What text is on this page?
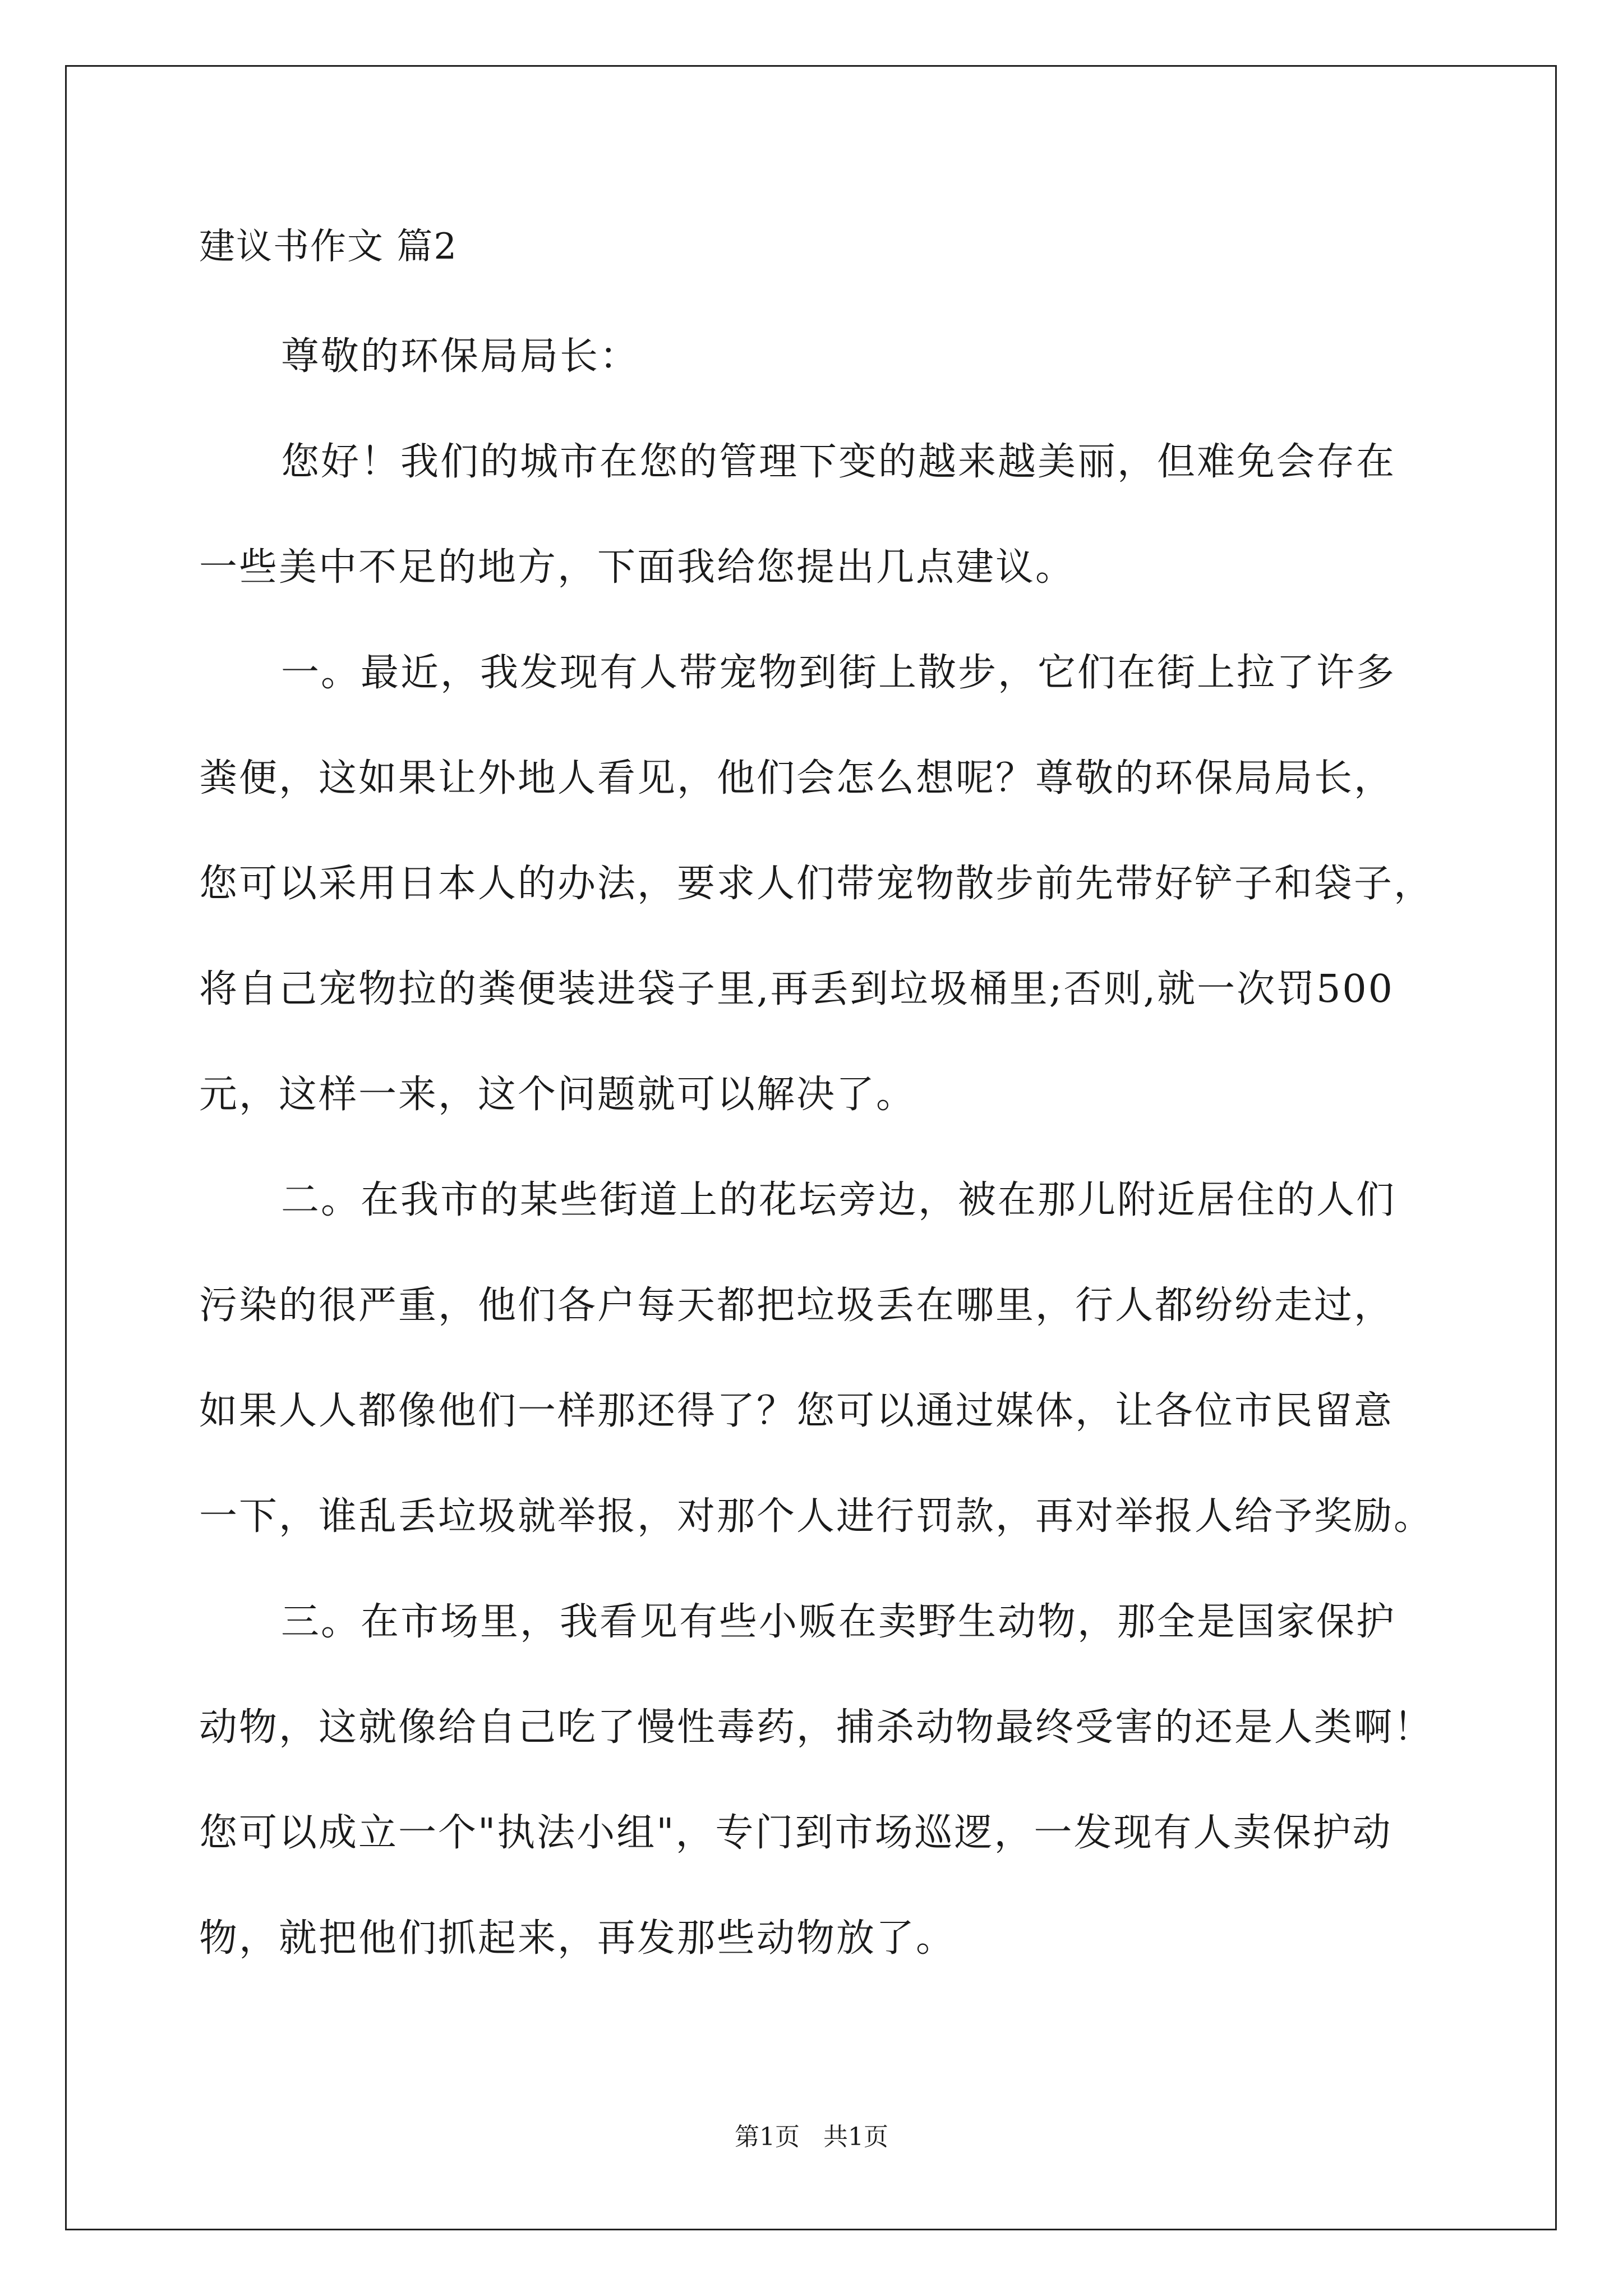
建议书作文 篇2
尊敬的环保局局长：
您好！我们的城市在您的管理下变的越来越美丽，但难免会存在
一些美中不足的地方，下面我给您提出几点建议。
一。最近，我发现有人带宠物到街上散步，它们在街上拉了许多
粪便，这如果让外地人看见，他们会怎么想呢？尊敬的环保局局长，
您可以采用日本人的办法，要求人们带宠物散步前先带好铲子和袋子，
将自己宠物拉的粪便装进袋子里,再丢到垃圾桶里;否则,就一次罚500
元，这样一来，这个问题就可以解决了。
二。在我市的某些街道上的花坛旁边，被在那儿附近居住的人们
污染的很严重，他们各户每天都把垃圾丢在哪里，行人都纷纷走过，
如果人人都像他们一样那还得了？您可以通过媒体，让各位市民留意
一下，谁乱丢垃圾就举报，对那个人进行罚款，再对举报人给予奖励。
三。在市场里，我看见有些小贩在卖野生动物，那全是国家保护
动物，这就像给自己吃了慢性毒药，捕杀动物最终受害的还是人类啊！
您可以成立一个"执法小组"，专门到市场巡逻，一发现有人卖保护动
物，就把他们抓起来，再发那些动物放了。
第1页   共1页
